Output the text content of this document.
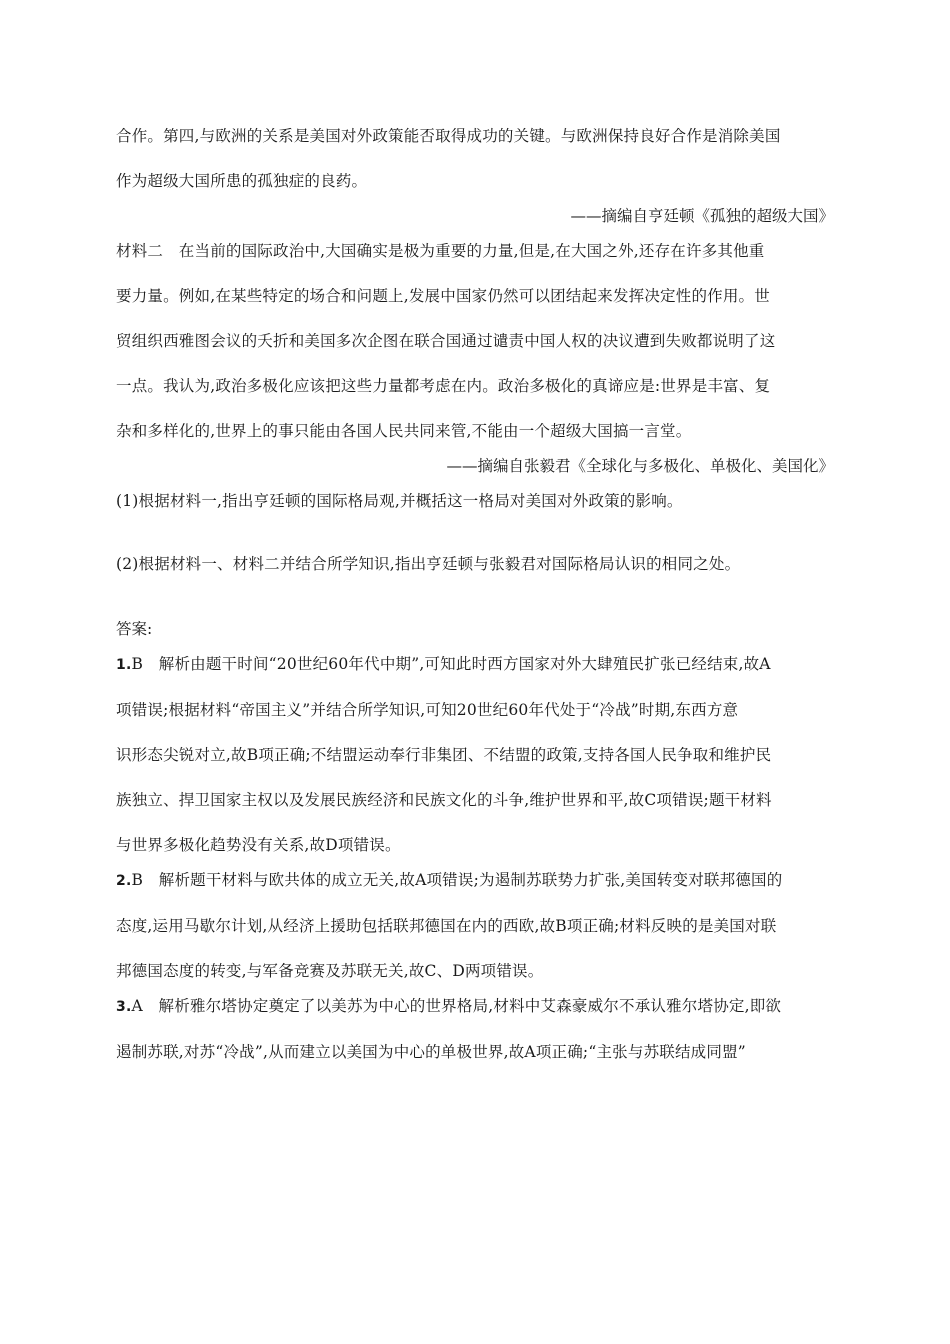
合作。第四,与欧洲的关系是美国对外政策能否取得成功的关键。与欧洲保持良好合作是消除美国
作为超级大国所患的孤独症的良药。
——摘编自亨廷顿《孤独的超级大国》
材料二　在当前的国际政治中,大国确实是极为重要的力量,但是,在大国之外,还存在许多其他重
要力量。例如,在某些特定的场合和问题上,发展中国家仍然可以团结起来发挥决定性的作用。世
贸组织西雅图会议的夭折和美国多次企图在联合国通过谴责中国人权的决议遭到失败都说明了这
一点。我认为,政治多极化应该把这些力量都考虑在内。政治多极化的真谛应是:世界是丰富、复
杂和多样化的,世界上的事只能由各国人民共同来管,不能由一个超级大国搞一言堂。
——摘编自张毅君《全球化与多极化、单极化、美国化》
(1)根据材料一,指出亨廷顿的国际格局观,并概括这一格局对美国对外政策的影响。
(2)根据材料一、材料二并结合所学知识,指出亨廷顿与张毅君对国际格局认识的相同之处。
答案:
1.B　解析由题干时间“20世纪60年代中期”,可知此时西方国家对外大肆殖民扩张已经结束,故A
项错误;根据材料“帝国主义”并结合所学知识,可知20世纪60年代处于“冷战”时期,东西方意
识形态尖锐对立,故B项正确;不结盟运动奉行非集团、不结盟的政策,支持各国人民争取和维护民
族独立、捍卫国家主权以及发展民族经济和民族文化的斗争,维护世界和平,故C项错误;题干材料
与世界多极化趋势没有关系,故D项错误。
2.B　解析题干材料与欧共体的成立无关,故A项错误;为遏制苏联势力扩张,美国转变对联邦德国的
态度,运用马歇尔计划,从经济上援助包括联邦德国在内的西欧,故B项正确;材料反映的是美国对联
邦德国态度的转变,与军备竞赛及苏联无关,故C、D两项错误。
3.A　解析雅尔塔协定奠定了以美苏为中心的世界格局,材料中艾森豪威尔不承认雅尔塔协定,即欲
遏制苏联,对苏“冷战”,从而建立以美国为中心的单极世界,故A项正确;“主张与苏联结成同盟”
